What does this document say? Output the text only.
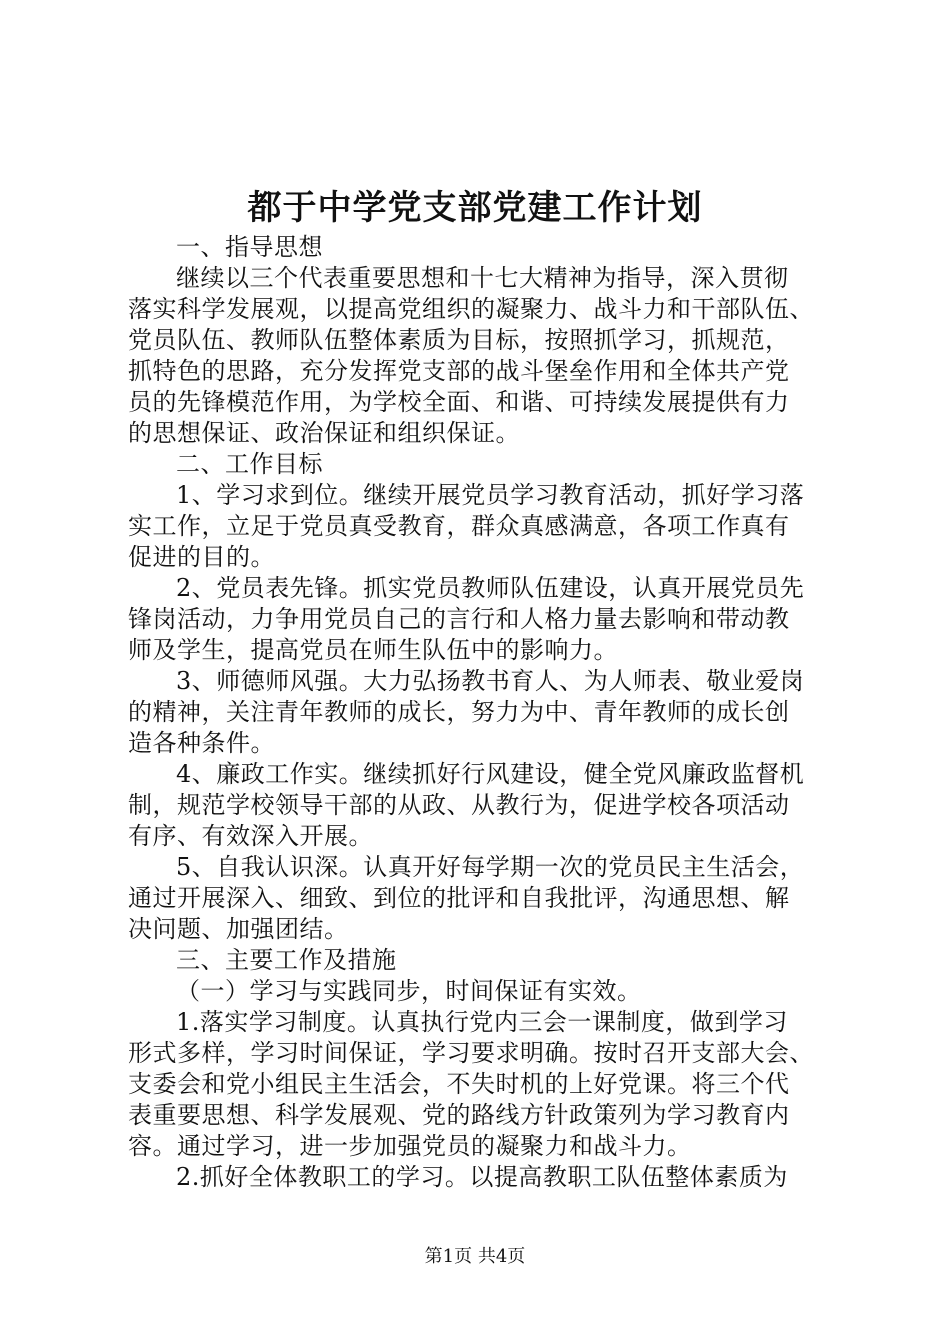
都于中学党支部党建工作计划

一、指导思想

继续以三个代表重要思想和十七大精神为指导，深入贯彻

落实科学发展观，以提高党组织的凝聚力、战斗力和干部队伍、

党员队伍、教师队伍整体素质为目标，按照抓学习，抓规范，

抓特色的思路，充分发挥党支部的战斗堡垒作用和全体共产党

员的先锋模范作用，为学校全面、和谐、可持续发展提供有力

的思想保证、政治保证和组织保证。

二、工作目标

1、学习求到位。继续开展党员学习教育活动，抓好学习落

实工作，立足于党员真受教育，群众真感满意，各项工作真有

促进的目的。

2、党员表先锋。抓实党员教师队伍建设，认真开展党员先

锋岗活动，力争用党员自己的言行和人格力量去影响和带动教

师及学生，提高党员在师生队伍中的影响力。

3、师德师风强。大力弘扬教书育人、为人师表、敬业爱岗

的精神，关注青年教师的成长，努力为中、青年教师的成长创

造各种条件。

4、廉政工作实。继续抓好行风建设，健全党风廉政监督机

制，规范学校领导干部的从政、从教行为，促进学校各项活动

有序、有效深入开展。

5、自我认识深。认真开好每学期一次的党员民主生活会，

通过开展深入、细致、到位的批评和自我批评，沟通思想、解

决问题、加强团结。

三、主要工作及措施

（一）学习与实践同步，时间保证有实效。

1.落实学习制度。认真执行党内三会一课制度，做到学习

形式多样，学习时间保证，学习要求明确。按时召开支部大会、

支委会和党小组民主生活会，不失时机的上好党课。将三个代

表重要思想、科学发展观、党的路线方针政策列为学习教育内

容。通过学习，进一步加强党员的凝聚力和战斗力。

2.抓好全体教职工的学习。以提高教职工队伍整体素质为

第1页 共4页
